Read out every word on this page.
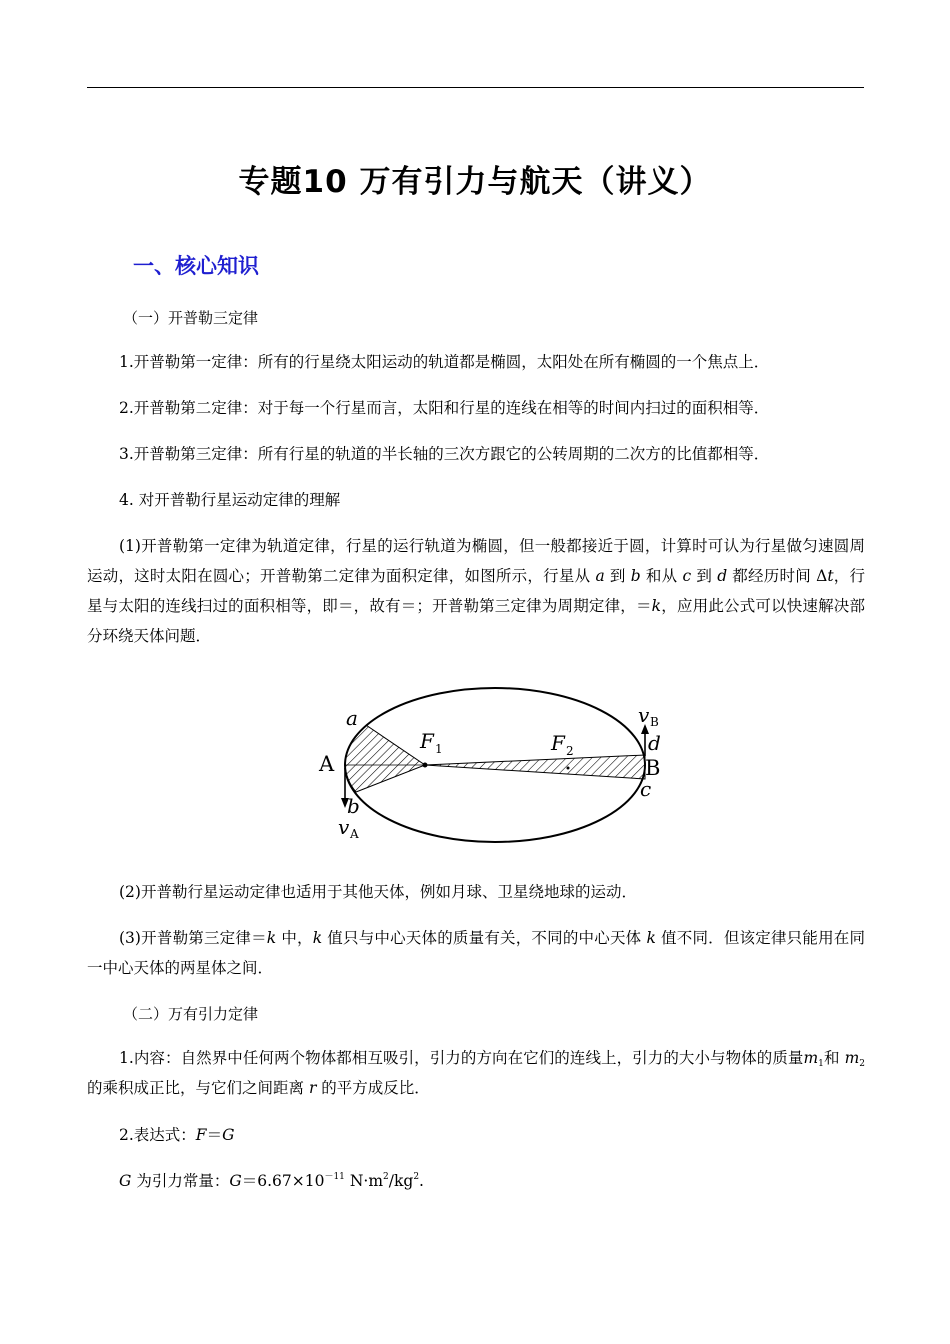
专题10 万有引力与航天（讲义）
一、核心知识
（一）开普勒三定律
1.开普勒第一定律：所有的行星绕太阳运动的轨道都是椭圆，太阳处在所有椭圆的一个焦点上．
2.开普勒第二定律：对于每一个行星而言，太阳和行星的连线在相等的时间内扫过的面积相等．
3.开普勒第三定律：所有行星的轨道的半长轴的三次方跟它的公转周期的二次方的比值都相等．
4. 对开普勒行星运动定律的理解
(1)开普勒第一定律为轨道定律，行星的运行轨道为椭圆，但一般都接近于圆，计算时可认为行星做匀速圆周运动，这时太阳在圆心；开普勒第二定律为面积定律，如图所示，行星从 a 到 b 和从 c 到 d 都经历时间 Δt，行星与太阳的连线扫过的面积相等，即＝，故有＝；开普勒第三定律为周期定律，＝k，应用此公式可以快速解决部分环绕天体问题．
a
A
b
v A
F 1	F 2
v B
d
B
c
(2)开普勒行星运动定律也适用于其他天体，例如月球、卫星绕地球的运动．
(3)开普勒第三定律＝k 中，k 值只与中心天体的质量有关，不同的中心天体 k 值不同．但该定律只能用在同一中心天体的两星体之间．
（二）万有引力定律
1.内容：自然界中任何两个物体都相互吸引，引力的方向在它们的连线上，引力的大小与物体的质量$m_1$和 $m_2$ 的乘积成正比，与它们之间距离 r 的平方成反比．
2.表达式：F＝G
G 为引力常量：$G=6.67\times 10^{-11}$ $N\cdot m^2/kg^2$.
